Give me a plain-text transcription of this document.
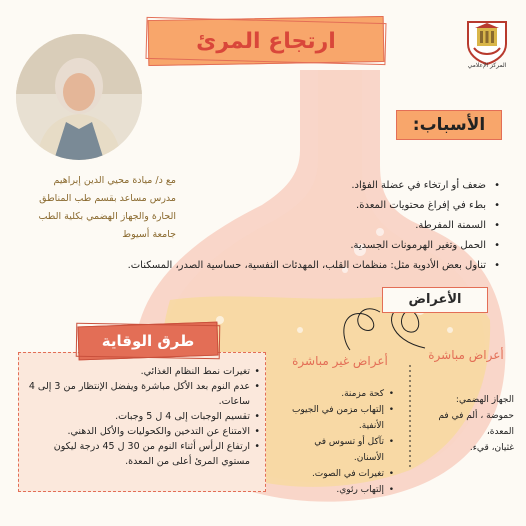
ارتجاع المرئ
المركز الإعلامي
مع د/ ميادة محيي الدين إبراهيم
مدرس مساعد بقسم طب المناطق
الحارة والجهاز الهضمي بكلية الطب
جامعة أسيوط
الأسباب:
• ضعف أو ارتخاء في عضلة الفؤاد.
• بطء في إفراغ محتويات المعدة.
• السمنة المفرطة.
• الحمل وتغير الهرمونات الجسدية.
• تناول بعض الأدوية مثل: منظمات القلب، المهدئات النفسية، حساسية الصدر، المسكنات.
الأعراض
أعراض مباشرة
أعراض غير مباشرة
الجهاز الهضمي:
حموضة ، ألم في فم المعدة،
غثيان، قيء.
• كحة مزمنة.
• إلتهاب مزمن في الجيوب الأنفية.
• تآكل أو تسوس في الأسنان.
• تغيرات في الصوت.
• إلتهاب رئوي.
طرق الوقاية
• تغيرات نمط النظام الغذائي.
• عدم النوم بعد الأكل مباشرة ويفضل الإنتظار من 3 إلى 4 ساعات.
• تقسيم الوجبات إلى 4 ل 5 وجبات.
• الامتناع عن التدخين والكحوليات والأكل الدهني.
• ارتفاع الرأس أثناء النوم من 30 ل 45 درجة ليكون مستوي المرئ أعلى من المعدة.
